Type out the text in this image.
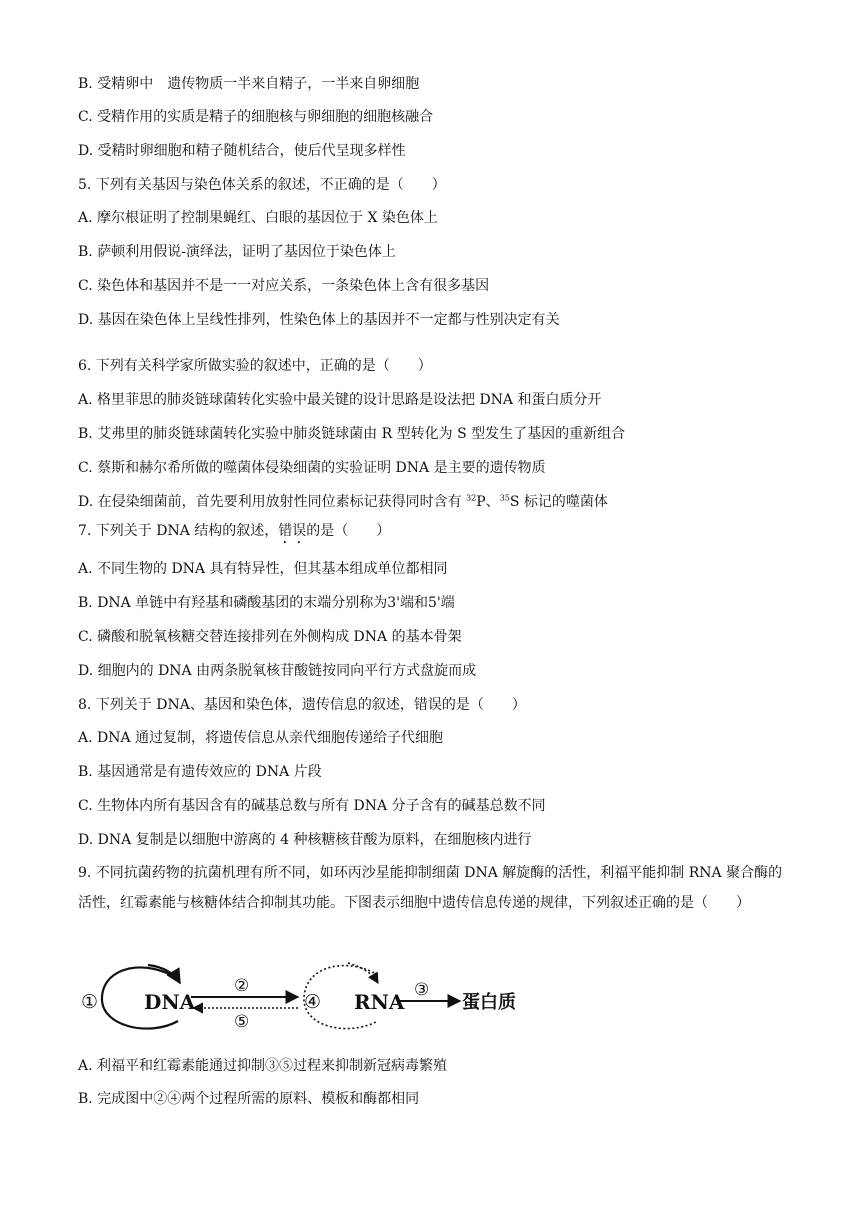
B. 受精卵中 遗传物质一半来自精子，一半来自卵细胞
C. 受精作用的实质是精子的细胞核与卵细胞的细胞核融合
D. 受精时卵细胞和精子随机结合，使后代呈现多样性
5. 下列有关基因与染色体关系的叙述，不正确的是（　　）
A. 摩尔根证明了控制果蝇红、白眼的基因位于 X 染色体上
B. 萨顿利用假说-演绎法，证明了基因位于染色体上
C. 染色体和基因并不是一一对应关系，一条染色体上含有很多基因
D. 基因在染色体上呈线性排列，性染色体上的基因并不一定都与性别决定有关
6. 下列有关科学家所做实验的叙述中，正确的是（　　）
A. 格里菲思的肺炎链球菌转化实验中最关键的设计思路是设法把 DNA 和蛋白质分开
B. 艾弗里的肺炎链球菌转化实验中肺炎链球菌由 R 型转化为 S 型发生了基因的重新组合
C. 蔡斯和赫尔希所做的噬菌体侵染细菌的实验证明 DNA 是主要的遗传物质
D. 在侵染细菌前，首先要利用放射性同位素标记获得同时含有 $^{32}$P、$^{35}$S 标记的噬菌体
7. 下列关于 DNA 结构的叙述，错误的是（　　）
A. 不同生物的 DNA 具有特异性，但其基本组成单位都相同
B. DNA 单链中有羟基和磷酸基团的末端分别称为3'端和5'端
C. 磷酸和脱氧核糖交替连接排列在外侧构成 DNA 的基本骨架
D. 细胞内的 DNA 由两条脱氧核苷酸链按同向平行方式盘旋而成
8. 下列关于 DNA、基因和染色体，遗传信息的叙述，错误的是（　　）
A. DNA 通过复制，将遗传信息从亲代细胞传递给子代细胞
B. 基因通常是有遗传效应的 DNA 片段
C. 生物体内所有基因含有的碱基总数与所有 DNA 分子含有的碱基总数不同
D. DNA 复制是以细胞中游离的 4 种核糖核苷酸为原料，在细胞核内进行
9. 不同抗菌药物的抗菌机理有所不同，如环丙沙星能抑制细菌 DNA 解旋酶的活性，利福平能抑制 RNA 聚合酶的活性，红霉素能与核糖体结合抑制其功能。下图表示细胞中遗传信息传递的规律，下列叙述正确的是（　　）
① DNA
②
⑤
④ RNA ③
蛋白质
A. 利福平和红霉素能通过抑制③⑤过程来抑制新冠病毒繁殖
B. 完成图中②④两个过程所需的原料、模板和酶都相同
